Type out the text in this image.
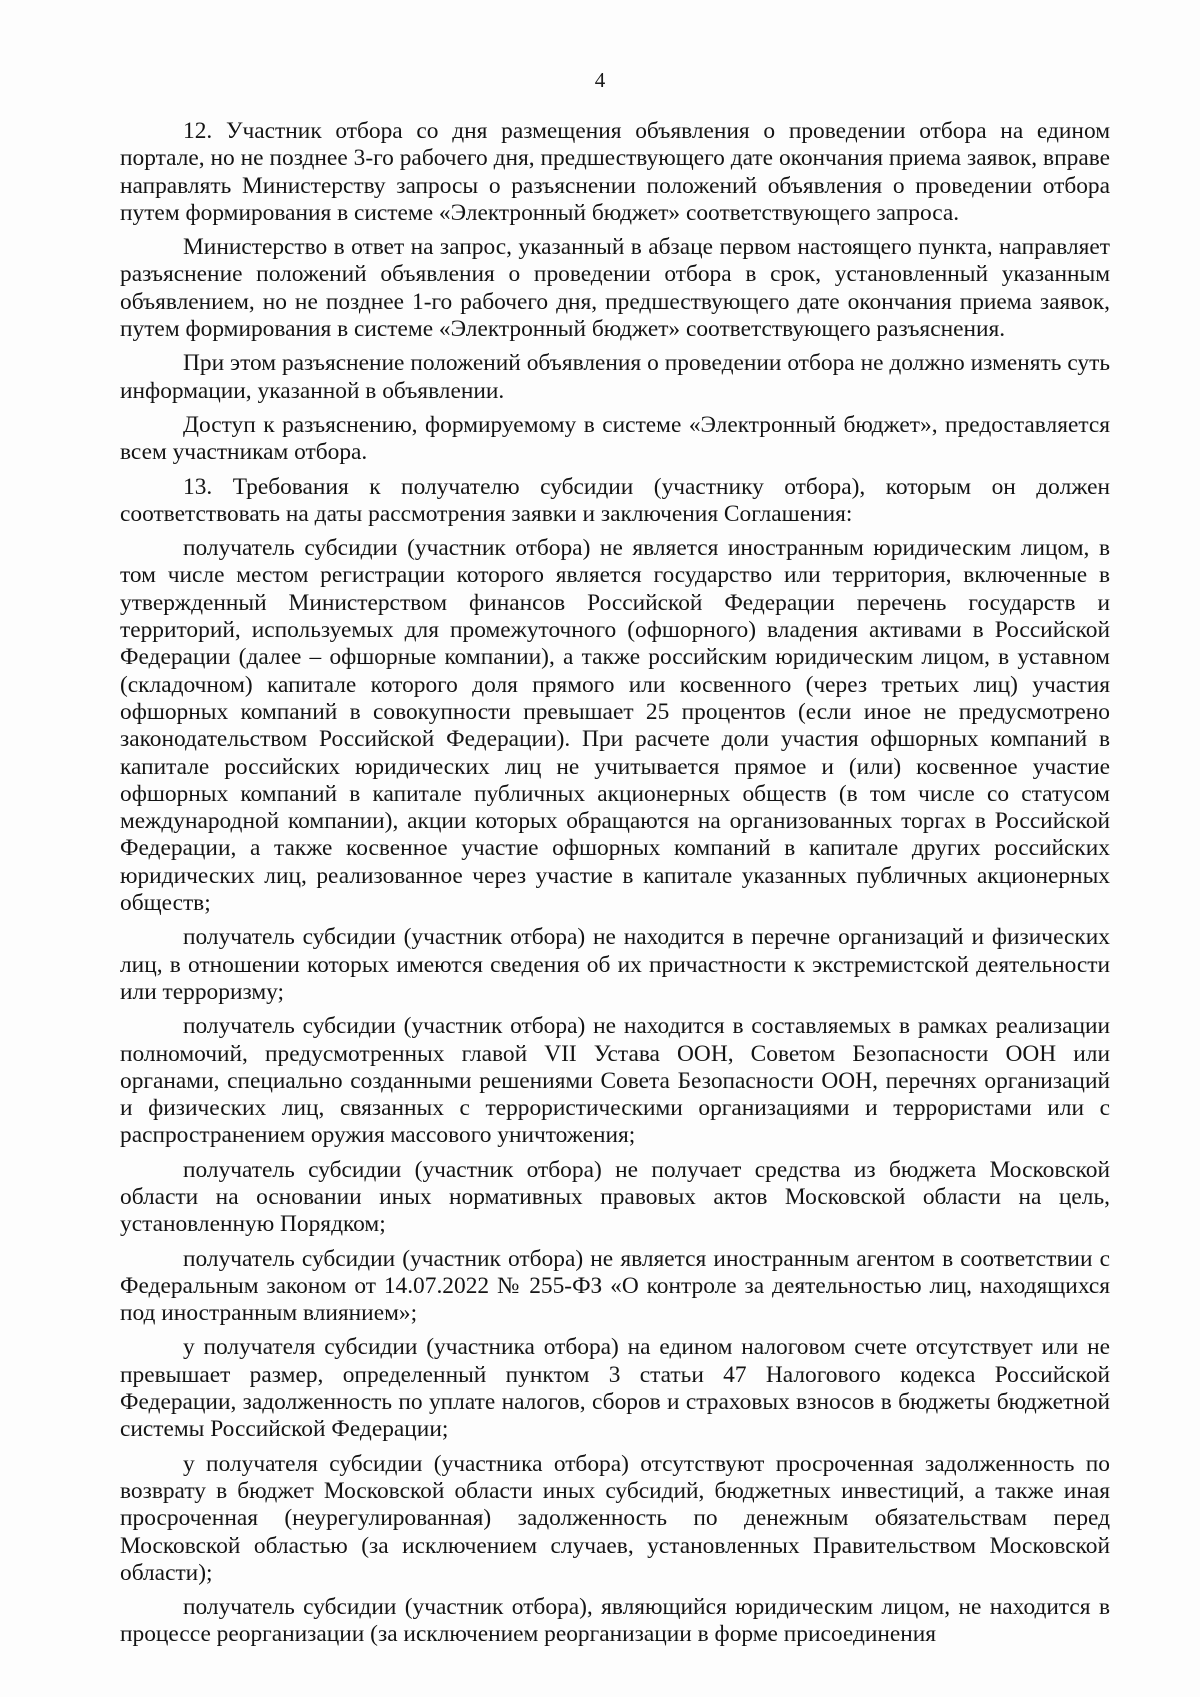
4

12. Участник отбора со дня размещения объявления о проведении отбора на едином портале, но не позднее 3-го рабочего дня, предшествующего дате окончания приема заявок, вправе направлять Министерству запросы о разъяснении положений объявления о проведении отбора путем формирования в системе «Электронный бюджет» соответствующего запроса.

Министерство в ответ на запрос, указанный в абзаце первом настоящего пункта, направляет разъяснение положений объявления о проведении отбора в срок, установленный указанным объявлением, но не позднее 1-го рабочего дня, предшествующего дате окончания приема заявок, путем формирования в системе «Электронный бюджет» соответствующего разъяснения.

При этом разъяснение положений объявления о проведении отбора не должно изменять суть информации, указанной в объявлении.

Доступ к разъяснению, формируемому в системе «Электронный бюджет», предоставляется всем участникам отбора.

13. Требования к получателю субсидии (участнику отбора), которым он должен соответствовать на даты рассмотрения заявки и заключения Соглашения:

получатель субсидии (участник отбора) не является иностранным юридическим лицом, в том числе местом регистрации которого является государство или территория, включенные в утвержденный Министерством финансов Российской Федерации перечень государств и территорий, используемых для промежуточного (офшорного) владения активами в Российской Федерации (далее – офшорные компании), а также российским юридическим лицом, в уставном (складочном) капитале которого доля прямого или косвенного (через третьих лиц) участия офшорных компаний в совокупности превышает 25 процентов (если иное не предусмотрено законодательством Российской Федерации). При расчете доли участия офшорных компаний в капитале российских юридических лиц не учитывается прямое и (или) косвенное участие офшорных компаний в капитале публичных акционерных обществ (в том числе со статусом международной компании), акции которых обращаются на организованных торгах в Российской Федерации, а также косвенное участие офшорных компаний в капитале других российских юридических лиц, реализованное через участие в капитале указанных публичных акционерных обществ;

получатель субсидии (участник отбора) не находится в перечне организаций и физических лиц, в отношении которых имеются сведения об их причастности к экстремистской деятельности или терроризму;

получатель субсидии (участник отбора) не находится в составляемых в рамках реализации полномочий, предусмотренных главой VII Устава ООН, Советом Безопасности ООН или органами, специально созданными решениями Совета Безопасности ООН, перечнях организаций и физических лиц, связанных с террористическими организациями и террористами или с распространением оружия массового уничтожения;

получатель субсидии (участник отбора) не получает средства из бюджета Московской области на основании иных нормативных правовых актов Московской области на цель, установленную Порядком;

получатель субсидии (участник отбора) не является иностранным агентом в соответствии с Федеральным законом от 14.07.2022 № 255-ФЗ «О контроле за деятельностью лиц, находящихся под иностранным влиянием»;

у получателя субсидии (участника отбора) на едином налоговом счете отсутствует или не превышает размер, определенный пунктом 3 статьи 47 Налогового кодекса Российской Федерации, задолженность по уплате налогов, сборов и страховых взносов в бюджеты бюджетной системы Российской Федерации;

у получателя субсидии (участника отбора) отсутствуют просроченная задолженность по возврату в бюджет Московской области иных субсидий, бюджетных инвестиций, а также иная просроченная (неурегулированная) задолженность по денежным обязательствам перед Московской областью (за исключением случаев, установленных Правительством Московской области);

получатель субсидии (участник отбора), являющийся юридическим лицом, не находится в процессе реорганизации (за исключением реорганизации в форме присоединения
